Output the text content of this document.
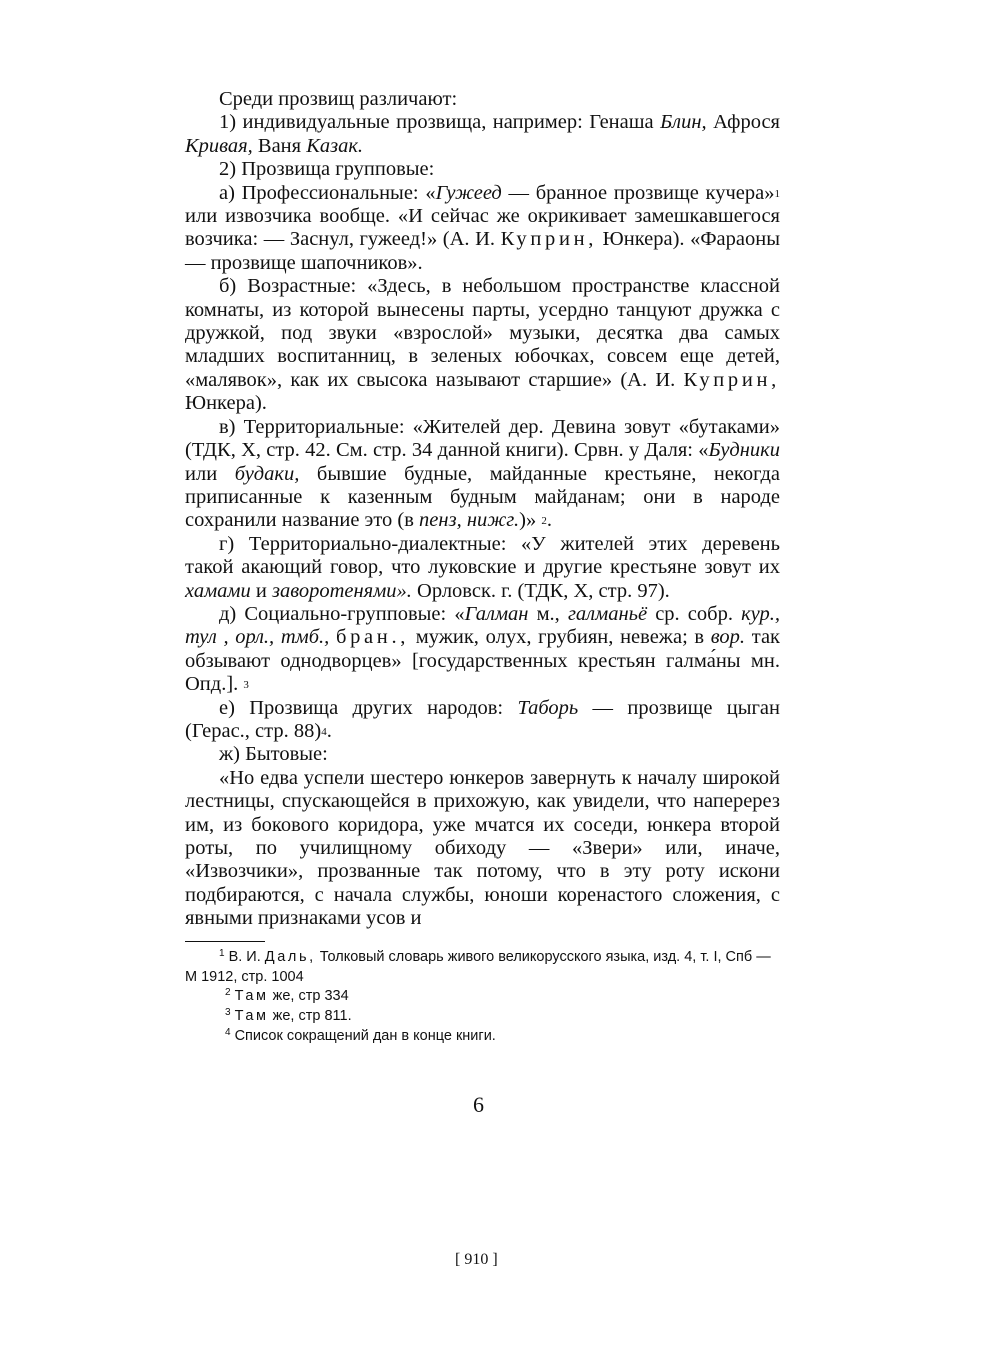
Среди прозвищ различают:

1) индивидуальные прозвища, например: Генаша Блин, Афрося Кривая, Ваня Казак.

2) Прозвища групповые:

а) Профессиональные: «Гужеед — бранное прозвище кучера»$^1$ или извозчика вообще. «И сейчас же окрикивает замешкавшегося возчика: — Заснул, гужеед!» (А. И. Куприн, Юнкера). «Фараоны — прозвище шапочников».

б) Возрастные: «Здесь, в небольшом пространстве классной комнаты, из которой вынесены парты, усердно танцуют дружка с дружкой, под звуки «взрослой» музыки, десятка два самых младших воспитанниц, в зеленых юбочках, совсем еще детей, «малявок», как их свысока называют старшие» (А. И. Куприн, Юнкера).

в) Территориальные: «Жителей дер. Девина зовут «бутаками» (ТДК, X, стр. 42. См. стр. 34 данной книги). Срвн. у Даля: «Будники или будаки, бывшие будные, майданные крестьяне, некогда приписанные к казенным будным майданам; они в народе сохранили название это (в пенз, нижг.)» $^2$.

г) Территориально-диалектные: «У жителей этих деревень такой акающий говор, что луковские и другие крестьяне зовут их хамами и заворотенями». Орловск. г. (ТДК, X, стр. 97).

д) Социально-групповые: «Галман м., галманьё ср. собр. кур., тул , орл., тмб., бран., мужик, олух, грубиян, невежа; в вор. так обзывают однодворцев» [государственных крестьян галма́ны мн. Опд.]. $^3$

е) Прозвища других народов: Таборь — прозвище цыган (Герас., стр. 88)$^4$.

ж) Бытовые:

«Но едва успели шестеро юнкеров завернуть к началу широкой лестницы, спускающейся в прихожую, как увидели, что наперерез им, из бокового коридора, уже мчатся их соседи, юнкера второй роты, по училищному обиходу — «Звери» или, иначе, «Извозчики», прозванные так потому, что в эту роту искони подбираются, с начала службы, юноши коренастого сложения, с явными признаками усов и

$^1$ В. И. Даль, Толковый словарь живого великорусского языка, изд. 4, т. I, Спб — М 1912, стр. 1004

$^2$ Там же, стр 334

$^3$ Там же, стр 811.

$^4$ Список сокращений дан в конце книги.

6
[ 910 ]
